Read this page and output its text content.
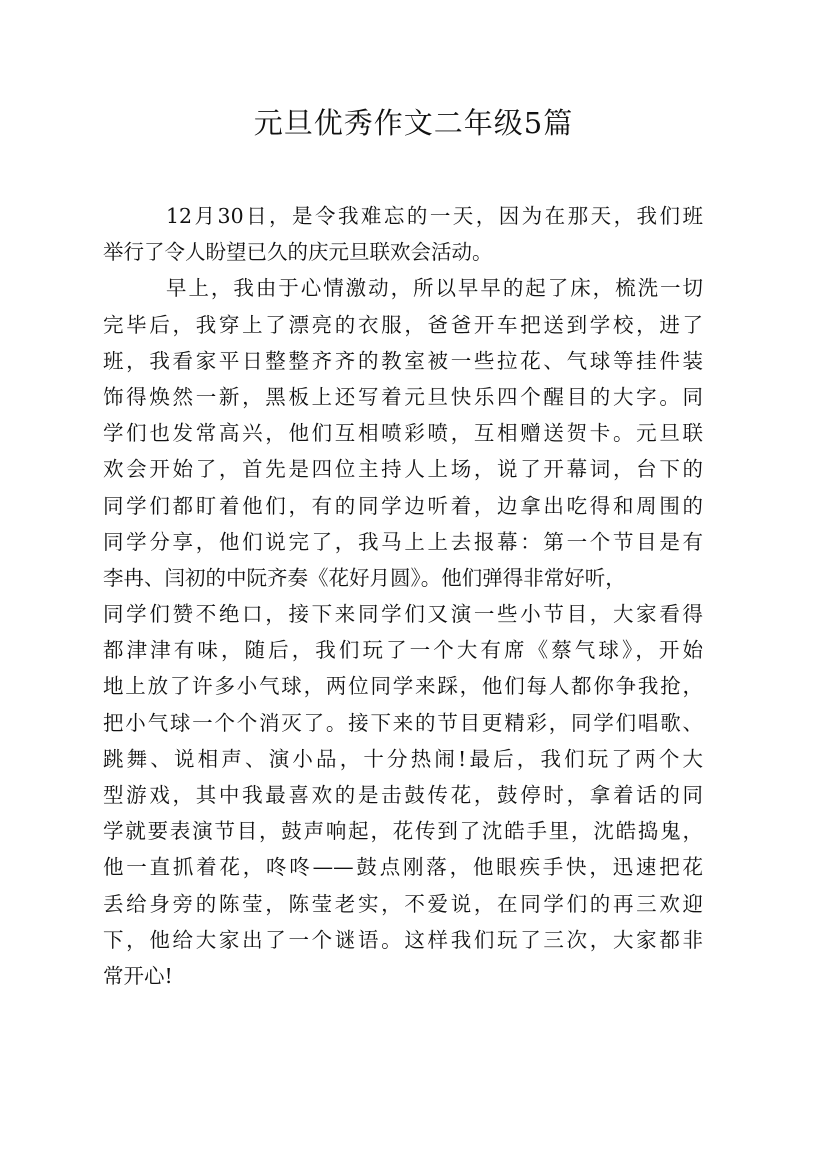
元旦优秀作文二年级5篇

12月30日，是令我难忘的一天，因为在那天，我们班
举行了令人盼望已久的庆元旦联欢会活动。

早上，我由于心情激动，所以早早的起了床，梳洗一切
完毕后，我穿上了漂亮的衣服，爸爸开车把送到学校，进了
班，我看家平日整整齐齐的教室被一些拉花、气球等挂件装
饰得焕然一新，黑板上还写着元旦快乐四个醒目的大字。同
学们也发常高兴，他们互相喷彩喷，互相赠送贺卡。元旦联
欢会开始了，首先是四位主持人上场，说了开幕词，台下的
同学们都盯着他们，有的同学边听着，边拿出吃得和周围的
同学分享，他们说完了，我马上上去报幕：第一个节目是有
李冉、闫初的中阮齐奏《花好月圆》。他们弹得非常好听，
同学们赞不绝口，接下来同学们又演一些小节目，大家看得
都津津有味，随后，我们玩了一个大有席《蔡气球》，开始
地上放了许多小气球，两位同学来踩，他们每人都你争我抢，
把小气球一个个消灭了。接下来的节目更精彩，同学们唱歌、
跳舞、说相声、演小品，十分热闹!最后，我们玩了两个大
型游戏，其中我最喜欢的是击鼓传花，鼓停时，拿着话的同
学就要表演节目，鼓声响起，花传到了沈皓手里，沈皓捣鬼，
他一直抓着花，咚咚——鼓点刚落，他眼疾手快，迅速把花
丢给身旁的陈莹，陈莹老实，不爱说，在同学们的再三欢迎
下，他给大家出了一个谜语。这样我们玩了三次，大家都非
常开心!
